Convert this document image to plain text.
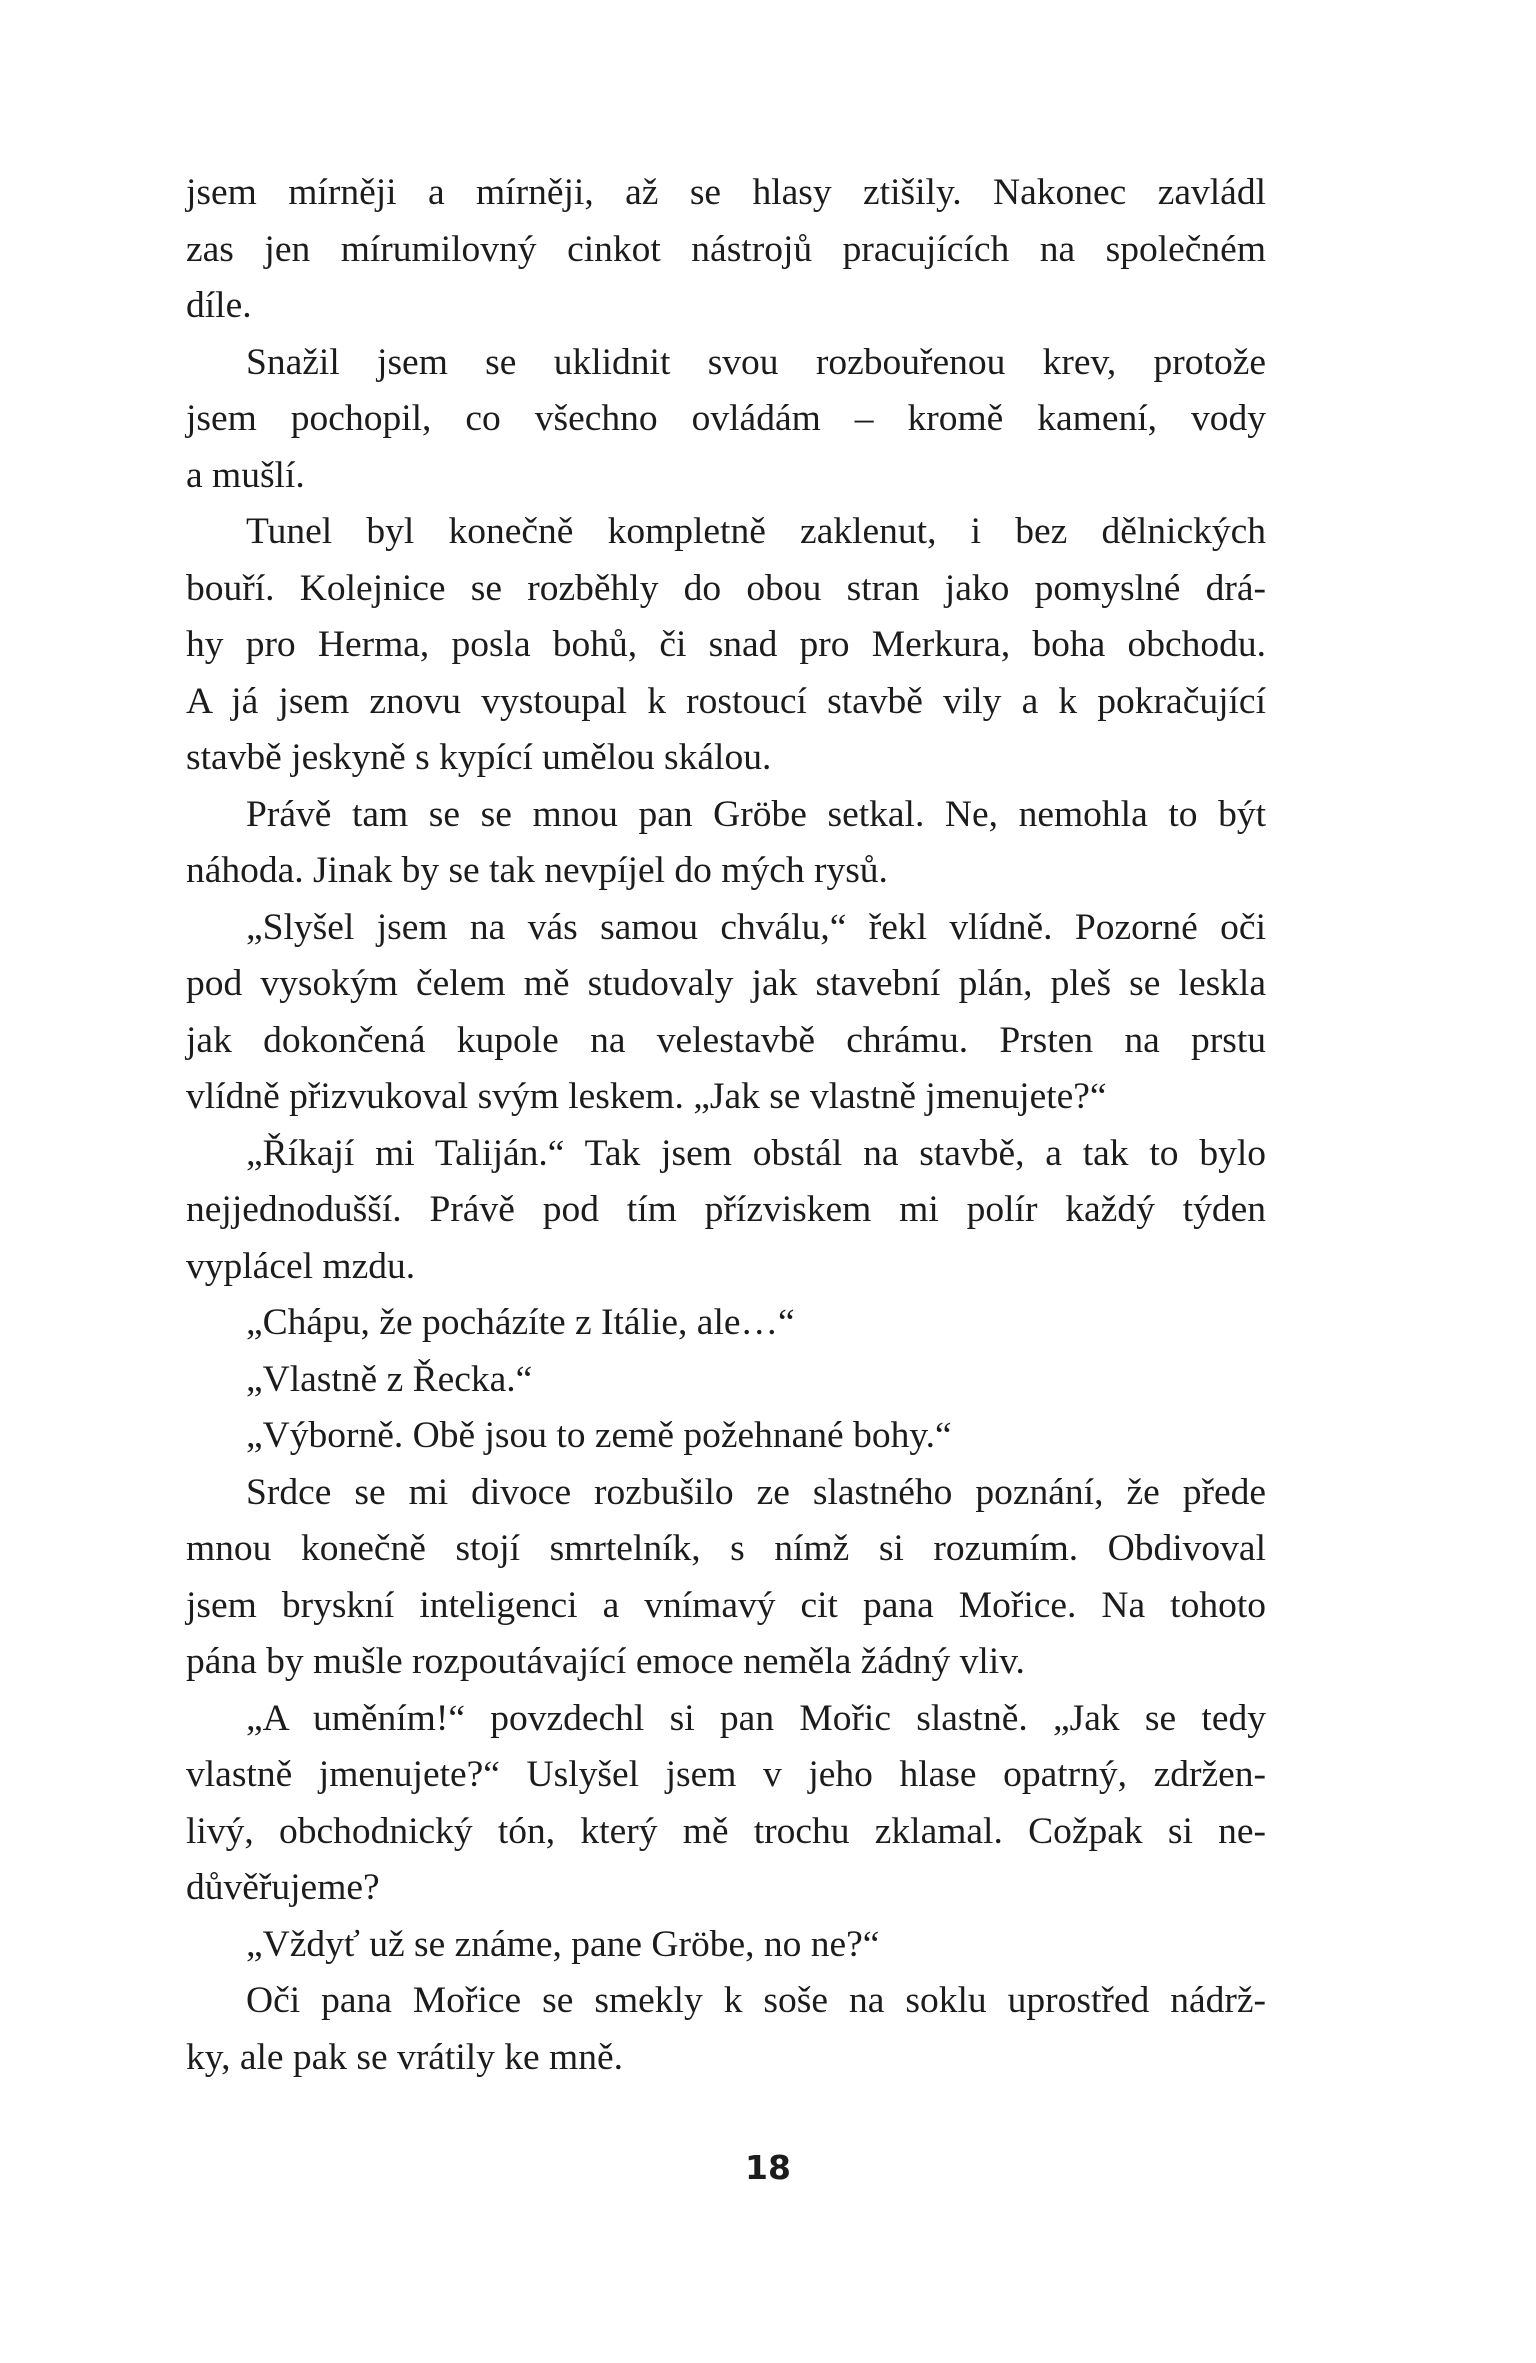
jsem mírněji a mírněji, až se hlasy ztišily. Nakonec zavládl
zas jen mírumilovný cinkot nástrojů pracujících na společném
díle.
Snažil jsem se uklidnit svou rozbouřenou krev, protože
jsem pochopil, co všechno ovládám – kromě kamení, vody
a mušlí.
Tunel byl konečně kompletně zaklenut, i bez dělnických
bouří. Kolejnice se rozběhly do obou stran jako pomyslné drá-
hy pro Herma, posla bohů, či snad pro Merkura, boha obchodu.
A já jsem znovu vystoupal k rostoucí stavbě vily a k pokračující
stavbě jeskyně s kypící umělou skálou.
Právě tam se se mnou pan Gröbe setkal. Ne, nemohla to být
náhoda. Jinak by se tak nevpíjel do mých rysů.
„Slyšel jsem na vás samou chválu,“ řekl vlídně. Pozorné oči
pod vysokým čelem mě studovaly jak stavební plán, pleš se leskla
jak dokončená kupole na velestavbě chrámu. Prsten na prstu
vlídně přizvukoval svým leskem. „Jak se vlastně jmenujete?“
„Říkají mi Taliján.“ Tak jsem obstál na stavbě, a tak to bylo
nejjednodušší. Právě pod tím přízviskem mi polír každý týden
vyplácel mzdu.
„Chápu, že pocházíte z Itálie, ale…“
„Vlastně z Řecka.“
„Výborně. Obě jsou to země požehnané bohy.“
Srdce se mi divoce rozbušilo ze slastného poznání, že přede
mnou konečně stojí smrtelník, s nímž si rozumím. Obdivoval
jsem bryskní inteligenci a vnímavý cit pana Mořice. Na tohoto
pána by mušle rozpoutávající emoce neměla žádný vliv.
„A uměním!“ povzdechl si pan Mořic slastně. „Jak se tedy
vlastně jmenujete?“ Uslyšel jsem v jeho hlase opatrný, zdržen-
livý, obchodnický tón, který mě trochu zklamal. Cožpak si ne-
důvěřujeme?
„Vždyť už se známe, pane Gröbe, no ne?“
Oči pana Mořice se smekly k soše na soklu uprostřed nádrž-
ky, ale pak se vrátily ke mně.
18
